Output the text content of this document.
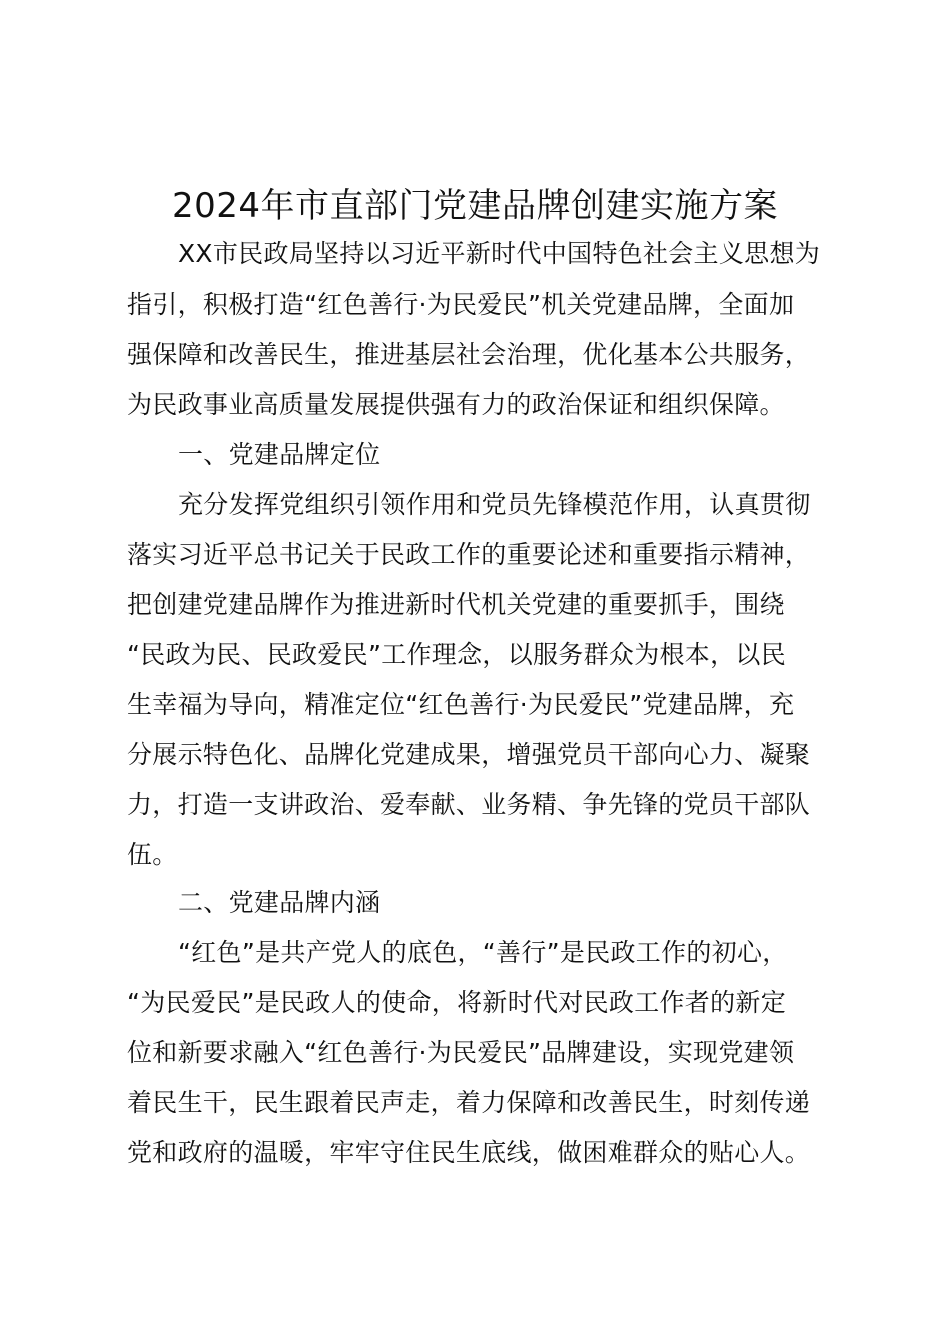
2024年市直部门党建品牌创建实施方案
XX市民政局坚持以习近平新时代中国特色社会主义思想为
指引，积极打造“红色善行·为民爱民”机关党建品牌，全面加
强保障和改善民生，推进基层社会治理，优化基本公共服务，
为民政事业高质量发展提供强有力的政治保证和组织保障。
一、党建品牌定位
充分发挥党组织引领作用和党员先锋模范作用，认真贯彻
落实习近平总书记关于民政工作的重要论述和重要指示精神，
把创建党建品牌作为推进新时代机关党建的重要抓手，围绕
“民政为民、民政爱民”工作理念，以服务群众为根本，以民
生幸福为导向，精准定位“红色善行·为民爱民”党建品牌，充
分展示特色化、品牌化党建成果，增强党员干部向心力、凝聚
力，打造一支讲政治、爱奉献、业务精、争先锋的党员干部队
伍。
二、党建品牌内涵
“红色”是共产党人的底色，“善行”是民政工作的初心，
“为民爱民”是民政人的使命，将新时代对民政工作者的新定
位和新要求融入“红色善行·为民爱民”品牌建设，实现党建领
着民生干，民生跟着民声走，着力保障和改善民生，时刻传递
党和政府的温暖，牢牢守住民生底线，做困难群众的贴心人。
